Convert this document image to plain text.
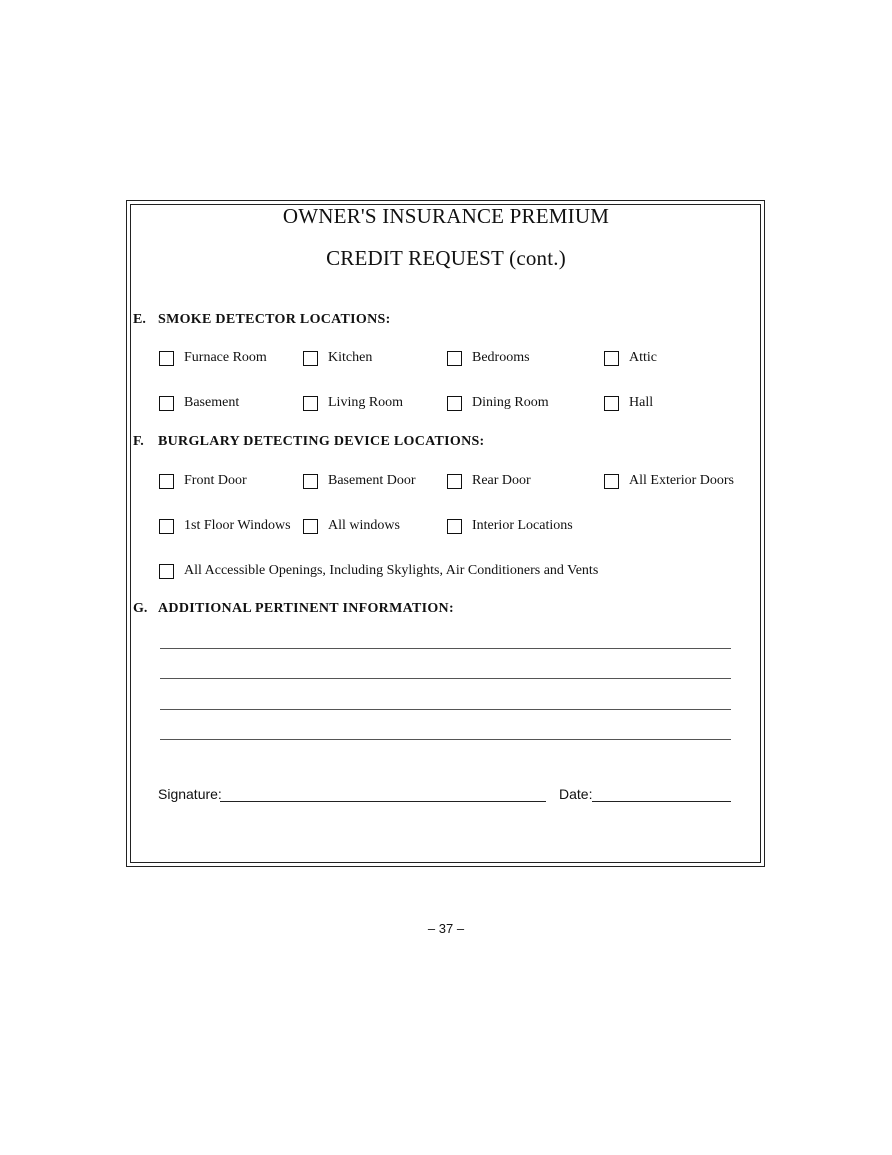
OWNER'S INSURANCE PREMIUM
CREDIT REQUEST (cont.)
E. SMOKE DETECTOR LOCATIONS:
Furnace Room	Kitchen	Bedrooms	Attic
Basement	Living Room	Dining Room	Hall
F. BURGLARY DETECTING DEVICE LOCATIONS:
Front Door	Basement Door	Rear Door	All Exterior Doors
1st Floor Windows	All windows	Interior Locations
All Accessible Openings, Including Skylights, Air Conditioners and Vents
G. ADDITIONAL PERTINENT INFORMATION:
Signature:	Date:
– 37 –
